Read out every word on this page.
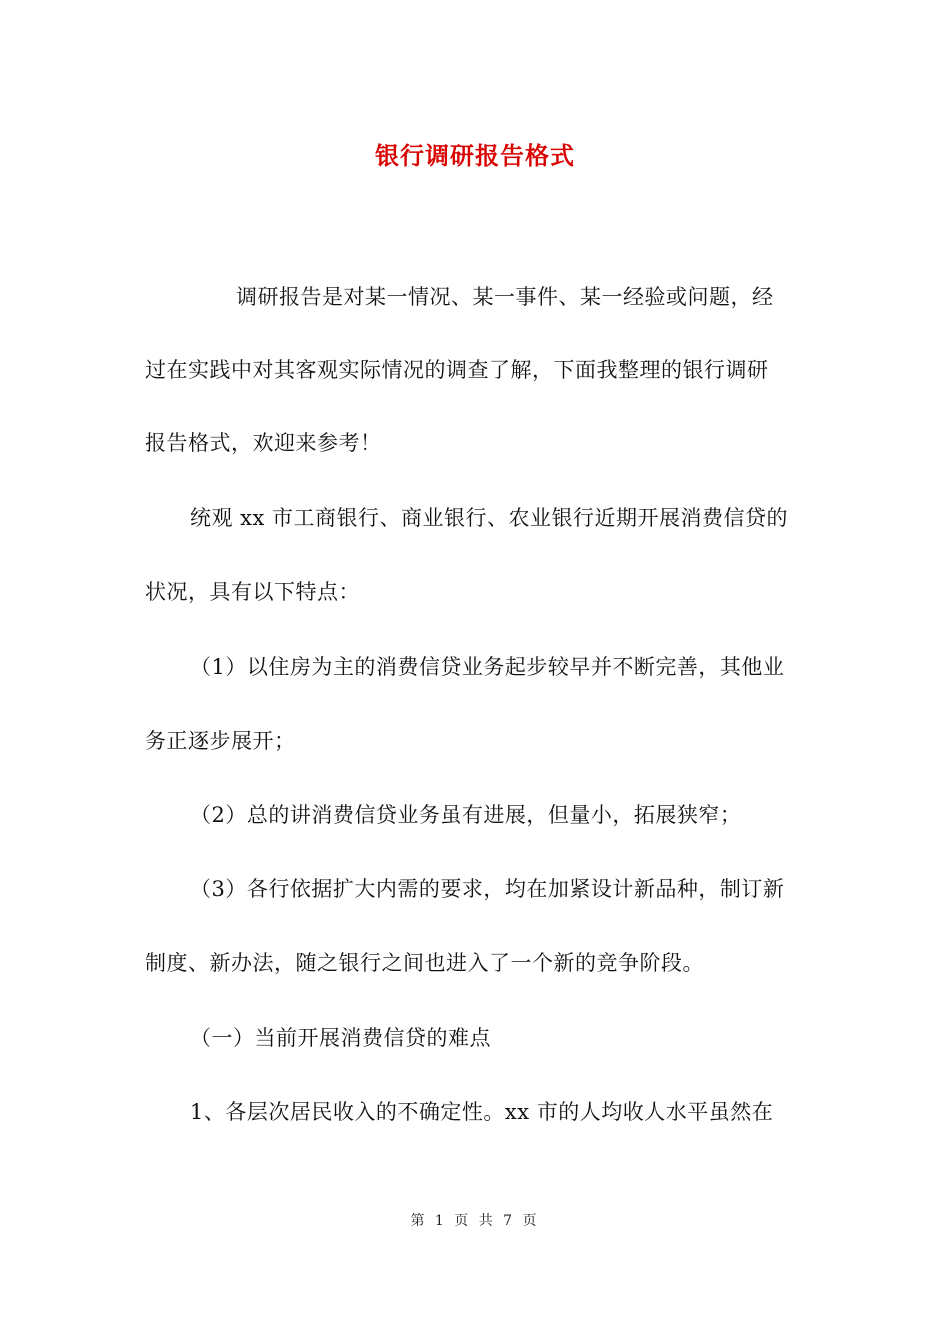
银行调研报告格式
调研报告是对某一情况、某一事件、某一经验或问题，经
过在实践中对其客观实际情况的调查了解，下面我整理的银行调研
报告格式，欢迎来参考！
统观 xx 市工商银行、商业银行、农业银行近期开展消费信贷的
状况，具有以下特点：
（1）以住房为主的消费信贷业务起步较早并不断完善，其他业
务正逐步展开；
（2）总的讲消费信贷业务虽有进展，但量小，拓展狭窄；
（3）各行依据扩大内需的要求，均在加紧设计新品种，制订新
制度、新办法，随之银行之间也进入了一个新的竞争阶段。
（一）当前开展消费信贷的难点
1、各层次居民收入的不确定性。xx 市的人均收人水平虽然在
第 1 页 共 7 页
